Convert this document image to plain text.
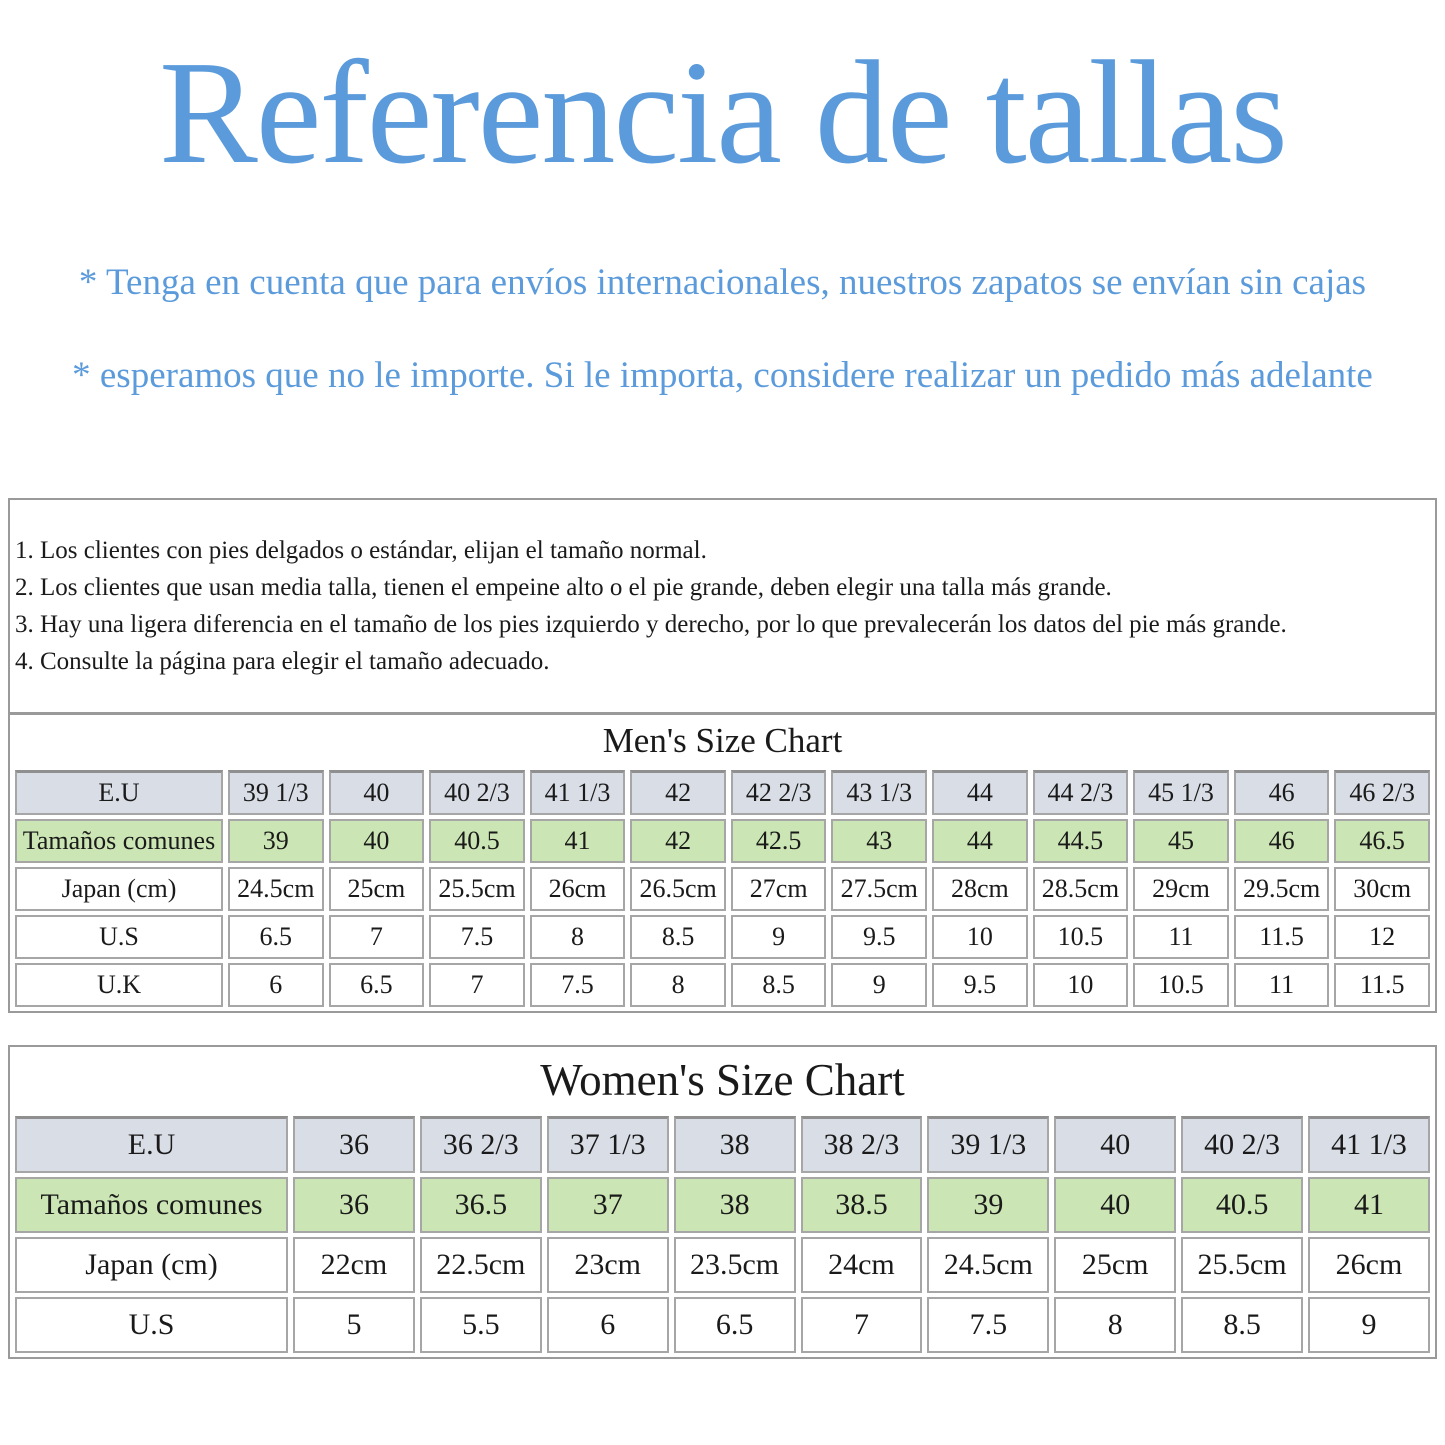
Referencia de tallas

* Tenga en cuenta que para envíos internacionales, nuestros zapatos se envían sin cajas

* esperamos que no le importe. Si le importa, considere realizar un pedido más adelante

1. Los clientes con pies delgados o estándar, elijan el tamaño normal.
2. Los clientes que usan media talla, tienen el empeine alto o el pie grande, deben elegir una talla más grande.
3. Hay una ligera diferencia en el tamaño de los pies izquierdo y derecho, por lo que prevalecerán los datos del pie más grande.
4. Consulte la página para elegir el tamaño adecuado.
Men's Size Chart
E.U	39 1/3	40	40 2/3	41 1/3	42	42 2/3	43 1/3	44	44 2/3	45 1/3	46	46 2/3
Tamaños comunes	39	40	40.5	41	42	42.5	43	44	44.5	45	46	46.5
Japan (cm)	24.5cm	25cm	25.5cm	26cm	26.5cm	27cm	27.5cm	28cm	28.5cm	29cm	29.5cm	30cm
U.S	6.5	7	7.5	8	8.5	9	9.5	10	10.5	11	11.5	12
U.K	6	6.5	7	7.5	8	8.5	9	9.5	10	10.5	11	11.5
Women's Size Chart
E.U	36	36 2/3	37 1/3	38	38 2/3	39 1/3	40	40 2/3	41 1/3
Tamaños comunes	36	36.5	37	38	38.5	39	40	40.5	41
Japan (cm)	22cm	22.5cm	23cm	23.5cm	24cm	24.5cm	25cm	25.5cm	26cm
U.S	5	5.5	6	6.5	7	7.5	8	8.5	9
